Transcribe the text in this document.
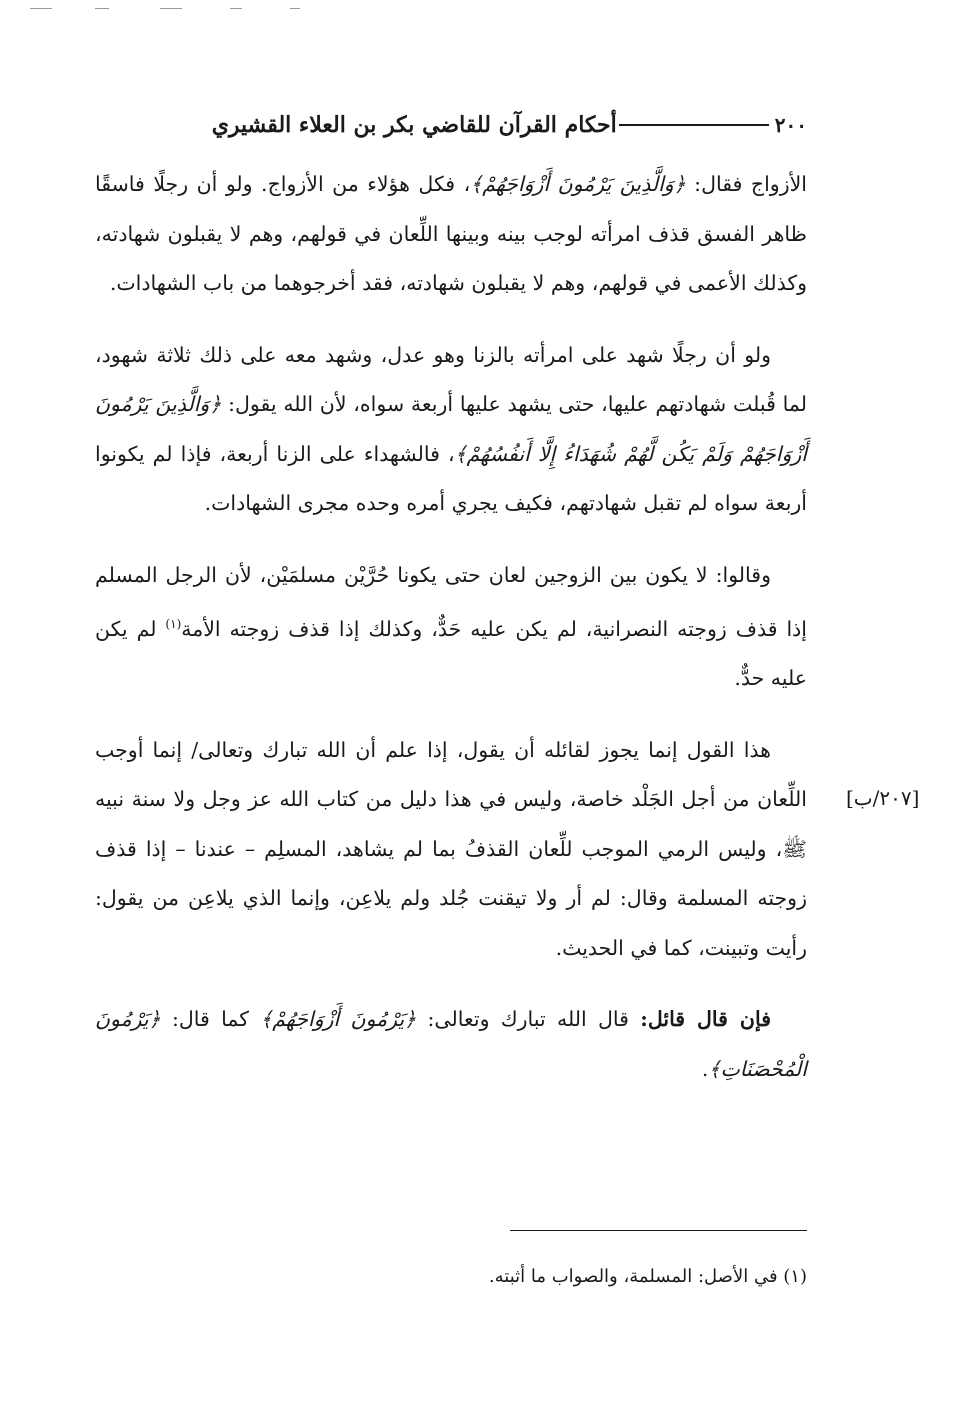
٢٠٠
أحكام القرآن للقاضي بكر بن العلاء القشيري

الأزواج فقال: ﴿وَالَّذِينَ يَرْمُونَ أَزْوَاجَهُمْ﴾، فكل هؤلاء من الأزواج. ولو أن رجلًا فاسقًا ظاهر الفسق قذف امرأته لوجب بينه وبينها اللِّعان في قولهم، وهم لا يقبلون شهادته، وكذلك الأعمى في قولهم، وهم لا يقبلون شهادته، فقد أخرجوهما من باب الشهادات.

ولو أن رجلًا شهد على امرأته بالزنا وهو عدل، وشهد معه على ذلك ثلاثة شهود، لما قُبلت شهادتهم عليها، حتى يشهد عليها أربعة سواه، لأن الله يقول: ﴿وَالَّذِينَ يَرْمُونَ أَزْوَاجَهُمْ وَلَمْ يَكُن لَّهُمْ شُهَدَاءُ إِلَّا أَنفُسُهُمْ﴾، فالشهداء على الزنا أربعة، فإذا لم يكونوا أربعة سواه لم تقبل شهادتهم، فكيف يجري أمره وحده مجرى الشهادات.

وقالوا: لا يكون بين الزوجين لعان حتى يكونا حُرَّيْن مسلمَيْن، لأن الرجل المسلم إذا قذف زوجته النصرانية، لم يكن عليه حَدٌّ، وكذلك إذا قذف زوجته الأمة$^{(١)}$ لم يكن عليه حدٌّ.

هذا القول إنما يجوز لقائله أن يقول، إذا علم أن الله تبارك وتعالى/ إنما أوجب اللِّعان من أجل الجَلْد خاصة، وليس في هذا دليل من كتاب الله عز وجل ولا سنة نبيه ﷺ، وليس الرمي الموجب للِّعان القذفُ بما لم يشاهد، المسلِم – عندنا – إذا قذف زوجته المسلمة وقال: لم أر ولا تيقنت جُلد ولم يلاعِن، وإنما الذي يلاعِن من يقول: رأيت وتبينت، كما في الحديث.

فإن قال قائل: قال الله تبارك وتعالى: ﴿يَرْمُونَ أَزْوَاجَهُمْ﴾ كما قال: ﴿يَرْمُونَ الْمُحْصَنَاتِ﴾.

[٢٠٧/ب]
(١) في الأصل: المسلمة، والصواب ما أثبته.
